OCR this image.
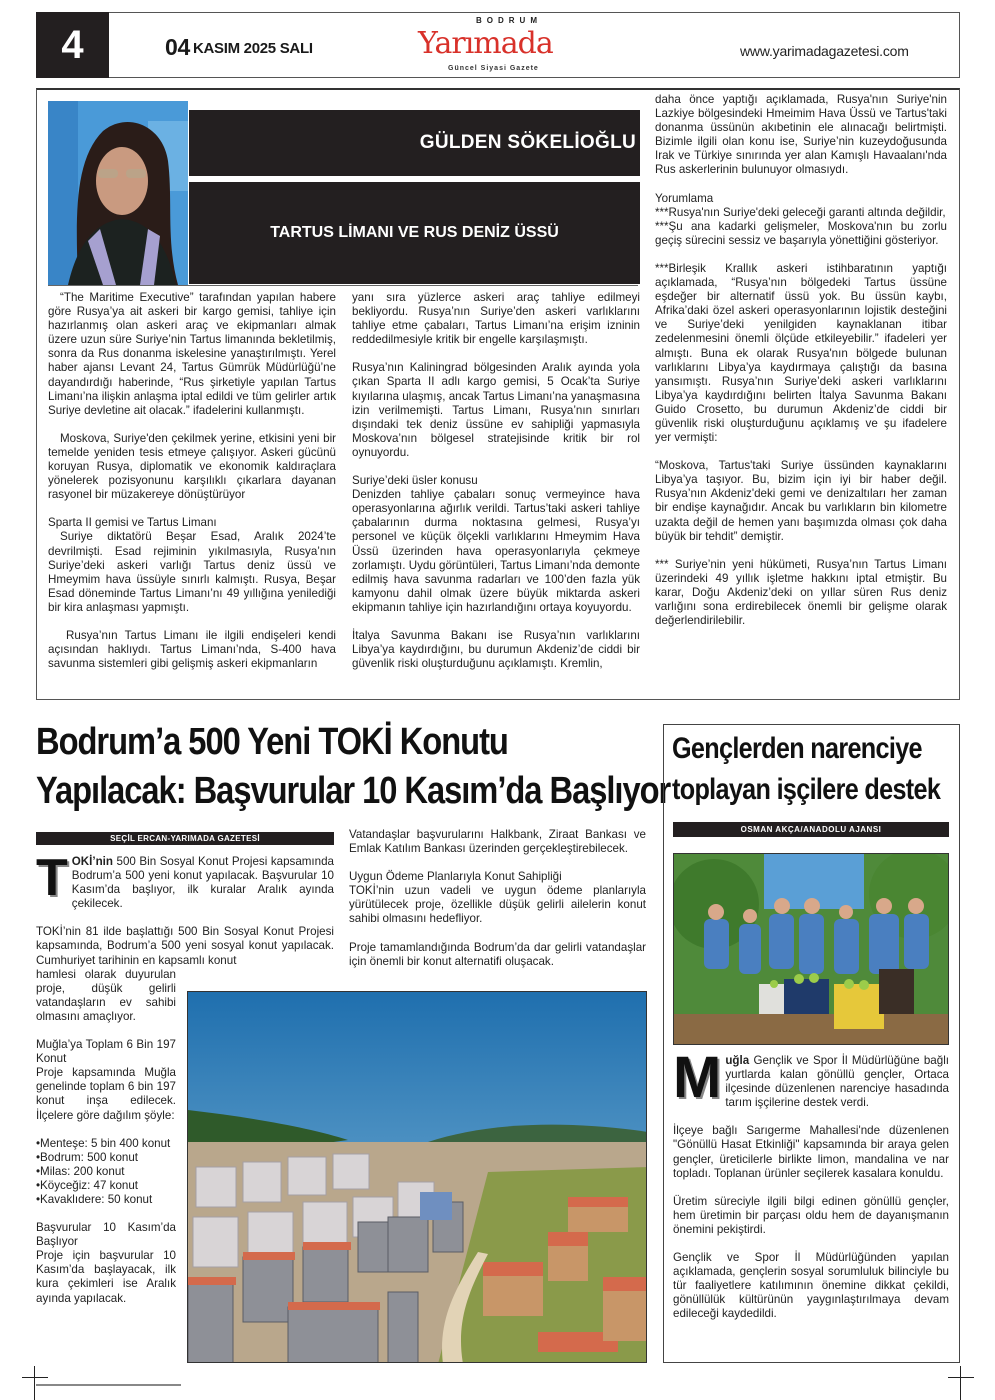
4	04 KASIM 2025 SALI
BODRUM
Yarımada
Güncel Siyasi Gazete
www.yarimadagazetesi.com
GÜLDEN SÖKELİOĞLU
TARTUS LİMANI VE RUS DENİZ ÜSSÜ

“The Maritime Executive” tarafından yapılan habere göre Rusya’ya ait askeri bir kargo gemisi, tahliye için hazırlanmış olan askeri araç ve ekipmanları almak üzere uzun süre Suriye’nin Tartus limanında bekletilmiş, sonra da Rus donanma iskelesine yanaştırılmıştı. Yerel haber ajansı Levant 24, Tartus Gümrük Müdürlüğü’ne dayandırdığı haberinde, “Rus şirketiyle yapılan Tartus Limanı’na ilişkin anlaşma iptal edildi ve tüm gelirler artık Suriye devletine ait olacak.” ifadelerini kullanmıştı.

Moskova, Suriye'den çekilmek yerine, etkisini yeni bir temelde yeniden tesis etmeye çalışıyor. Askeri gücünü koruyan Rusya, diplomatik ve ekonomik kaldıraçlara yönelerek pozisyonunu karşılıklı çıkarlara dayanan rasyonel bir müzakereye dönüştürüyor

Sparta II gemisi ve Tartus Limanı

Suriye diktatörü Beşar Esad, Aralık 2024’te devrilmişti. Esad rejiminin yıkılmasıyla, Rusya’nın Suriye’deki askeri varlığı Tartus deniz üssü ve Hmeymim hava üssüyle sınırlı kalmıştı. Rusya, Beşar Esad döneminde Tartus Limanı’nı 49 yıllığına yenilediği bir kira anlaşması yapmıştı.

Rusya’nın Tartus Limanı ile ilgili endişeleri kendi açısından haklıydı. Tartus Limanı’nda, S-400 hava savunma sistemleri gibi gelişmiş askeri ekipmanların

yanı sıra yüzlerce askeri araç tahliye edilmeyi bekliyordu. Rusya’nın Suriye’den askeri varlıklarını tahliye etme çabaları, Tartus Limanı’na erişim izninin reddedilmesiyle kritik bir engelle karşılaşmıştı.

Rusya’nın Kaliningrad bölgesinden Aralık ayında yola çıkan Sparta II adlı kargo gemisi, 5 Ocak’ta Suriye kıyılarına ulaşmış, ancak Tartus Limanı’na yanaşmasına izin verilmemişti. Tartus Limanı, Rusya’nın sınırları dışındaki tek deniz üssüne ev sahipliği yapmasıyla Moskova’nın bölgesel stratejisinde kritik bir rol oynuyordu.

Suriye’deki üsler konusu

Denizden tahliye çabaları sonuç vermeyince hava operasyonlarına ağırlık verildi. Tartus’taki askeri tahliye çabalarının durma noktasına gelmesi, Rusya’yı personel ve küçük ölçekli varlıklarını Hmeymim Hava Üssü üzerinden hava operasyonlarıyla çekmeye zorlamıştı. Uydu görüntüleri, Tartus Limanı’nda demonte edilmiş hava savunma radarları ve 100’den fazla yük kamyonu dahil olmak üzere büyük miktarda askeri ekipmanın tahliye için hazırlandığını ortaya koyuyordu.

İtalya Savunma Bakanı ise Rusya’nın varlıklarını Libya’ya kaydırdığını, bu durumun Akdeniz’de ciddi bir güvenlik riski oluşturduğunu açıklamıştı. Kremlin,

daha önce yaptığı açıklamada, Rusya'nın Suriye'nin Lazkiye bölgesindeki Hmeimim Hava Üssü ve Tartus'taki donanma üssünün akıbetinin ele alınacağı belirtmişti. Bizimle ilgili olan konu ise, Suriye’nin kuzeydoğusunda Irak ve Türkiye sınırında yer alan Kamışlı Havaalanı'nda Rus askerlerinin bulunuyor olmasıydı.

Yorumlama

***Rusya'nın Suriye'deki geleceği garanti altında değildir,

***Şu ana kadarki gelişmeler, Moskova'nın bu zorlu geçiş sürecini sessiz ve başarıyla yönettiğini gösteriyor.

***Birleşik Krallık askeri istihbaratının yaptığı açıklamada, “Rusya’nın bölgedeki Tartus üssüne eşdeğer bir alternatif üssü yok. Bu üssün kaybı, Afrika’daki özel askeri operasyonlarının lojistik desteğini ve Suriye’deki yenilgiden kaynaklanan itibar zedelenmesini önemli ölçüde etkileyebilir.” ifadeleri yer almıştı. Buna ek olarak Rusya'nın bölgede bulunan varlıklarını Libya’ya kaydırmaya çalıştığı da basına yansımıştı. Rusya’nın Suriye’deki askeri varlıklarını Libya’ya kaydırdığını belirten İtalya Savunma Bakanı Guido Crosetto, bu durumun Akdeniz’de ciddi bir güvenlik riski oluşturduğunu açıklamış ve şu ifadelere yer vermişti:

“Moskova, Tartus'taki Suriye üssünden kaynaklarını Libya’ya taşıyor. Bu, bizim için iyi bir haber değil. Rusya’nın Akdeniz'deki gemi ve denizaltıları her zaman bir endişe kaynağıdır. Ancak bu varlıkların bin kilometre uzakta değil de hemen yanı başımızda olması çok daha büyük bir tehdit” demiştir.

*** Suriye’nin yeni hükümeti, Rusya’nın Tartus Limanı üzerindeki 49 yıllık işletme hakkını iptal etmiştir. Bu karar, Doğu Akdeniz’deki on yıllar süren Rus deniz varlığını sona erdirebilecek önemli bir gelişme olarak değerlendirilebilir.

Bodrum’a 500 Yeni TOKİ Konutu
Yapılacak: Başvurular 10 Kasım’da Başlıyor
SEÇİL ERCAN-YARIMADA GAZETESİ

TOKİ’nin 500 Bin Sosyal Konut Projesi kapsamında Bodrum’a 500 yeni konut yapılacak. Başvurular 10 Kasım’da başlıyor, ilk kuralar Aralık ayında çekilecek.

TOKİ’nin 81 ilde başlattığı 500 Bin Sosyal Konut Projesi kapsamında, Bodrum’a 500 yeni sosyal konut yapılacak. Cumhuriyet tarihinin en kapsamlı konut

hamlesi olarak duyurulan proje, düşük gelirli vatandaşların ev sahibi olmasını amaçlıyor.

Muğla’ya Toplam 6 Bin 197 Konut

Proje kapsamında Muğla genelinde toplam 6 bin 197 konut inşa edilecek. İlçelere göre dağılım şöyle:

•Menteşe: 5 bin 400 konut
•Bodrum: 500 konut
•Milas: 200 konut
•Köyceğiz: 47 konut
•Kavaklıdere: 50 konut

Başvurular 10 Kasım’da Başlıyor

Proje için başvurular 10 Kasım’da başlayacak, ilk kura çekimleri ise Aralık ayında yapılacak.

Vatandaşlar başvurularını Halkbank, Ziraat Bankası ve Emlak Katılım Bankası üzerinden gerçekleştirebilecek.

Uygun Ödeme Planlarıyla Konut Sahipliği

TOKİ’nin uzun vadeli ve uygun ödeme planlarıyla yürütülecek proje, özellikle düşük gelirli ailelerin konut sahibi olmasını hedefliyor.

Proje tamamlandığında Bodrum’da dar gelirli vatandaşlar için önemli bir konut alternatifi oluşacak.

Gençlerden narenciye
toplayan işçilere destek
OSMAN AKÇA/ANADOLU AJANSI

Muğla Gençlik ve Spor İl Müdürlüğüne bağlı yurtlarda kalan gönüllü gençler, Ortaca ilçesinde düzenlenen narenciye hasadında tarım işçilerine destek verdi.

İlçeye bağlı Sarıgerme Mahallesi'nde düzenlenen "Gönüllü Hasat Etkinliği" kapsamında bir araya gelen gençler, üreticilerle birlikte limon, mandalina ve nar topladı. Toplanan ürünler seçilerek kasalara konuldu.

Üretim süreciyle ilgili bilgi edinen gönüllü gençler, hem üretimin bir parçası oldu hem de dayanışmanın önemini pekiştirdi.

Gençlik ve Spor İl Müdürlüğünden yapılan açıklamada, gençlerin sosyal sorumluluk bilinciyle bu tür faaliyetlere katılımının önemine dikkat çekildi, gönüllülük kültürünün yaygınlaştırılmaya devam edileceği kaydedildi.
